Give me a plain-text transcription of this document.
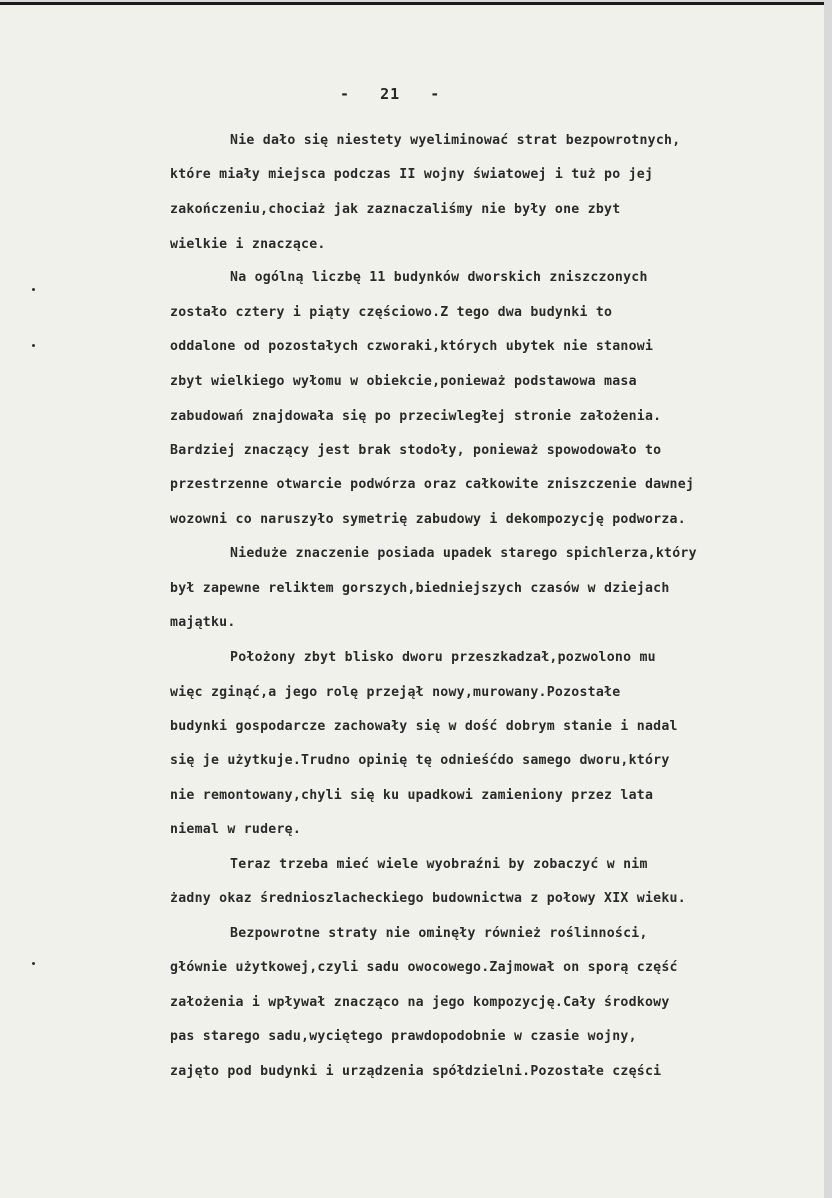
-   21   -
Nie dało się niestety wyeliminować strat bezpowrotnych,
które miały miejsca podczas II wojny światowej i tuż po jej
zakończeniu,chociaż jak zaznaczaliśmy nie były one zbyt
wielkie i znaczące.
Na ogólną liczbę 11 budynków dworskich zniszczonych
zostało cztery i piąty częściowo.Z tego dwa budynki to
oddalone od pozostałych czworaki,których ubytek nie stanowi
zbyt wielkiego wyłomu w obiekcie,ponieważ podstawowa masa
zabudowań znajdowała się po przeciwległej stronie założenia.
Bardziej znaczący jest brak stodoły, ponieważ spowodowało to
przestrzenne otwarcie podwórza oraz całkowite zniszczenie dawnej
wozowni co naruszyło symetrię zabudowy i dekompozycję podworza.
Nieduże znaczenie posiada upadek starego spichlerza,który
był zapewne reliktem gorszych,biedniejszych czasów w dziejach
majątku.
Położony zbyt blisko dworu przeszkadzał,pozwolono mu
więc zginąć,a jego rolę przejął nowy,murowany.Pozostałe
budynki gospodarcze zachowały się w dość dobrym stanie i nadal
się je użytkuje.Trudno opinię tę odnieśćdo samego dworu,który
nie remontowany,chyli się ku upadkowi zamieniony przez lata
niemal w ruderę.
Teraz trzeba mieć wiele wyobraźni by zobaczyć w nim
żadny okaz średnioszlacheckiego budownictwa z połowy XIX wieku.
Bezpowrotne straty nie ominęły również roślinności,
głównie użytkowej,czyli sadu owocowego.Zajmował on sporą część
założenia i wpływał znacząco na jego kompozycję.Cały środkowy
pas starego sadu,wyciętego prawdopodobnie w czasie wojny,
zajęto pod budynki i urządzenia spółdzielni.Pozostałe części
